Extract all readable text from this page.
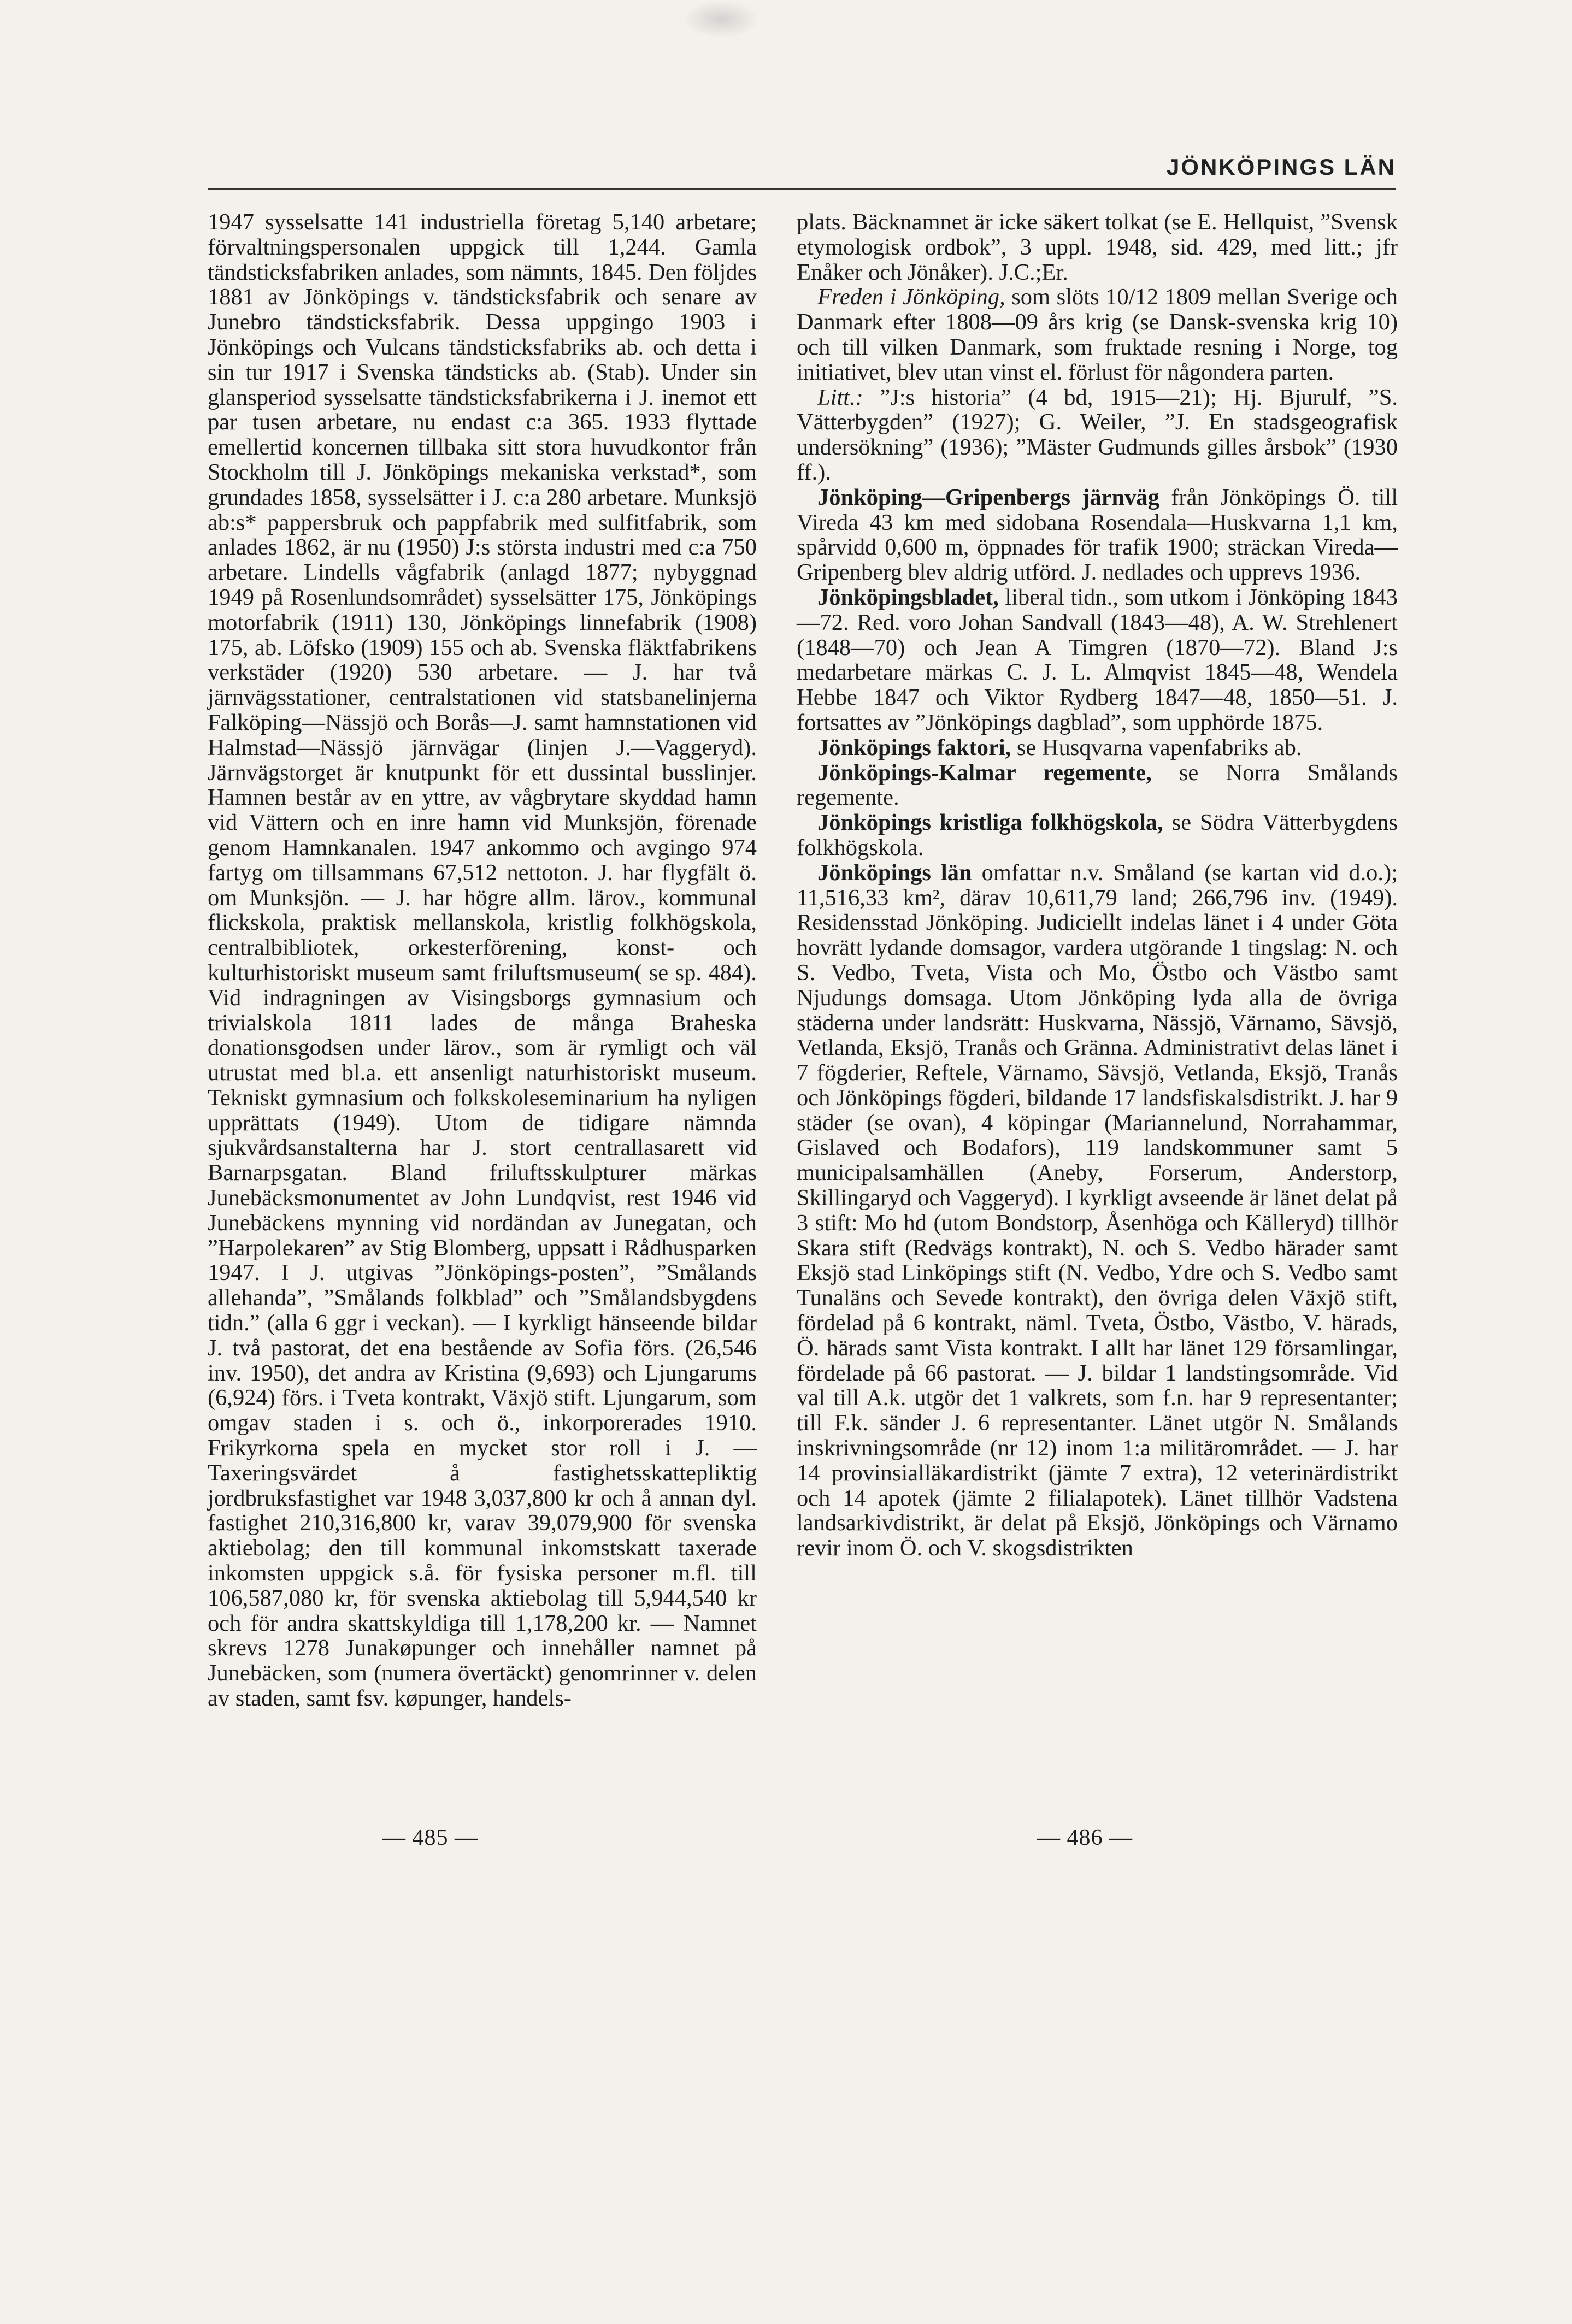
JÖNKÖPINGS LÄN

1947 sysselsatte 141 industriella företag 5,140 arbetare; förvaltningspersonalen uppgick till 1,244. Gamla tändsticksfabriken anlades, som nämnts, 1845. Den följdes 1881 av Jönköpings v. tändsticksfabrik och senare av Junebro tändsticksfabrik. Dessa uppgingo 1903 i Jönköpings och Vulcans tändsticksfabriks ab. och detta i sin tur 1917 i Svenska tändsticks ab. (Stab). Under sin glansperiod sysselsatte tändsticksfabrikerna i J. inemot ett par tusen arbetare, nu endast c:a 365. 1933 flyttade emellertid koncernen tillbaka sitt stora huvudkontor från Stockholm till J. Jönköpings mekaniska verkstad*, som grundades 1858, sysselsätter i J. c:a 280 arbetare. Munksjö ab:s* pappersbruk och pappfabrik med sulfitfabrik, som anlades 1862, är nu (1950) J:s största industri med c:a 750 arbetare. Lindells vågfabrik (anlagd 1877; nybyggnad 1949 på Rosenlundsområdet) sysselsätter 175, Jönköpings motorfabrik (1911) 130, Jönköpings linnefabrik (1908) 175, ab. Löfsko (1909) 155 och ab. Svenska fläktfabrikens verkstäder (1920) 530 arbetare. — J. har två järnvägsstationer, centralstationen vid statsbanelinjerna Falköping—Nässjö och Borås—J. samt hamnstationen vid Halmstad—Nässjö järnvägar (linjen J.—Vaggeryd). Järnvägstorget är knutpunkt för ett dussintal busslinjer. Hamnen består av en yttre, av vågbrytare skyddad hamn vid Vättern och en inre hamn vid Munksjön, förenade genom Hamnkanalen. 1947 ankommo och avgingo 974 fartyg om tillsammans 67,512 nettoton. J. har flygfält ö. om Munksjön. — J. har högre allm. lärov., kommunal flickskola, praktisk mellanskola, kristlig folkhögskola, centralbibliotek, orkesterförening, konst- och kulturhistoriskt museum samt friluftsmuseum( se sp. 484). Vid indragningen av Visingsborgs gymnasium och trivialskola 1811 lades de många Braheska donationsgodsen under lärov., som är rymligt och väl utrustat med bl.a. ett ansenligt naturhistoriskt museum. Tekniskt gymnasium och folkskoleseminarium ha nyligen upprättats (1949). Utom de tidigare nämnda sjukvårdsanstalterna har J. stort centrallasarett vid Barnarpsgatan. Bland friluftsskulpturer märkas Junebäcksmonumentet av John Lundqvist, rest 1946 vid Junebäckens mynning vid nordändan av Junegatan, och ”Harpolekaren” av Stig Blomberg, uppsatt i Rådhusparken 1947. I J. utgivas ”Jönköpings-posten”, ”Smålands allehanda”, ”Smålands folkblad” och ”Smålandsbygdens tidn.” (alla 6 ggr i veckan). — I kyrkligt hänseende bildar J. två pastorat, det ena bestående av Sofia förs. (26,546 inv. 1950), det andra av Kristina (9,693) och Ljungarums (6,924) förs. i Tveta kontrakt, Växjö stift. Ljungarum, som omgav staden i s. och ö., inkorporerades 1910. Frikyrkorna spela en mycket stor roll i J. — Taxeringsvärdet å fastighetsskattepliktig jordbruksfastighet var 1948 3,037,800 kr och å annan dyl. fastighet 210,316,800 kr, varav 39,079,900 för svenska aktiebolag; den till kommunal inkomstskatt taxerade inkomsten uppgick s.å. för fysiska personer m.fl. till 106,587,080 kr, för svenska aktiebolag till 5,944,540 kr och för andra skattskyldiga till 1,178,200 kr. — Namnet skrevs 1278 Junakøpunger och innehåller namnet på Junebäcken, som (numera övertäckt) genomrinner v. delen av staden, samt fsv. køpunger, handels-

plats. Bäcknamnet är icke säkert tolkat (se E. Hellquist, ”Svensk etymologisk ordbok”, 3 uppl. 1948, sid. 429, med litt.; jfr Enåker och Jönåker). J.C.;Er.

Freden i Jönköping, som slöts 10/12 1809 mellan Sverige och Danmark efter 1808—09 års krig (se Dansk-svenska krig 10) och till vilken Danmark, som fruktade resning i Norge, tog initiativet, blev utan vinst el. förlust för någondera parten.

Litt.: ”J:s historia” (4 bd, 1915—21); Hj. Bjurulf, ”S. Vätterbygden” (1927); G. Weiler, ”J. En stadsgeografisk undersökning” (1936); ”Mäster Gudmunds gilles årsbok” (1930 ff.).

Jönköping—Gripenbergs järnväg från Jönköpings Ö. till Vireda 43 km med sidobana Rosendala—Huskvarna 1,1 km, spårvidd 0,600 m, öppnades för trafik 1900; sträckan Vireda—Gripenberg blev aldrig utförd. J. nedlades och upprevs 1936.

Jönköpingsbladet, liberal tidn., som utkom i Jönköping 1843—72. Red. voro Johan Sandvall (1843—48), A. W. Strehlenert (1848—70) och Jean A Timgren (1870—72). Bland J:s medarbetare märkas C. J. L. Almqvist 1845—48, Wendela Hebbe 1847 och Viktor Rydberg 1847—48, 1850—51. J. fortsattes av ”Jönköpings dagblad”, som upphörde 1875.

Jönköpings faktori, se Husqvarna vapenfabriks ab.

Jönköpings-Kalmar regemente, se Norra Smålands regemente.

Jönköpings kristliga folkhögskola, se Södra Vätterbygdens folkhögskola.

Jönköpings län omfattar n.v. Småland (se kartan vid d.o.); 11,516,33 km², därav 10,611,79 land; 266,796 inv. (1949). Residensstad Jönköping. Judiciellt indelas länet i 4 under Göta hovrätt lydande domsagor, vardera utgörande 1 tingslag: N. och S. Vedbo, Tveta, Vista och Mo, Östbo och Västbo samt Njudungs domsaga. Utom Jönköping lyda alla de övriga städerna under landsrätt: Huskvarna, Nässjö, Värnamo, Sävsjö, Vetlanda, Eksjö, Tranås och Gränna. Administrativt delas länet i 7 fögderier, Reftele, Värnamo, Sävsjö, Vetlanda, Eksjö, Tranås och Jönköpings fögderi, bildande 17 landsfiskalsdistrikt. J. har 9 städer (se ovan), 4 köpingar (Mariannelund, Norrahammar, Gislaved och Bodafors), 119 landskommuner samt 5 municipalsamhällen (Aneby, Forserum, Anderstorp, Skillingaryd och Vaggeryd). I kyrkligt avseende är länet delat på 3 stift: Mo hd (utom Bondstorp, Åsenhöga och Källeryd) tillhör Skara stift (Redvägs kontrakt), N. och S. Vedbo härader samt Eksjö stad Linköpings stift (N. Vedbo, Ydre och S. Vedbo samt Tunaläns och Sevede kontrakt), den övriga delen Växjö stift, fördelad på 6 kontrakt, näml. Tveta, Östbo, Västbo, V. härads, Ö. härads samt Vista kontrakt. I allt har länet 129 församlingar, fördelade på 66 pastorat. — J. bildar 1 landstingsområde. Vid val till A.k. utgör det 1 valkrets, som f.n. har 9 representanter; till F.k. sänder J. 6 representanter. Länet utgör N. Smålands inskrivningsområde (nr 12) inom 1:a militärområdet. — J. har 14 provinsialläkardistrikt (jämte 7 extra), 12 veterinärdistrikt och 14 apotek (jämte 2 filialapotek). Länet tillhör Vadstena landsarkivdistrikt, är delat på Eksjö, Jönköpings och Värnamo revir inom Ö. och V. skogsdistrikten

— 485 —	— 486 —
